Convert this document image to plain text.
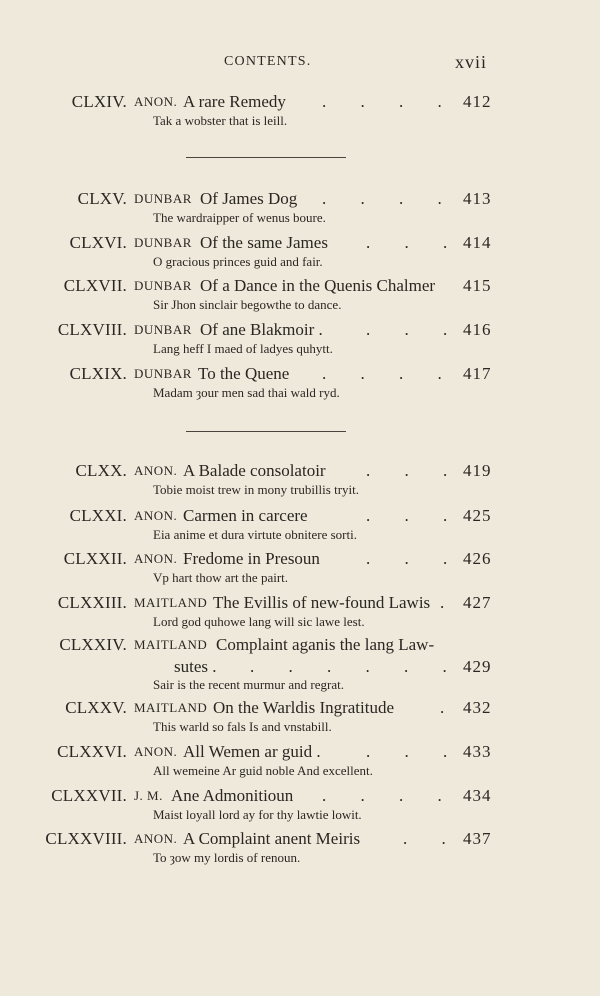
CONTENTS.	xvii
CLXIV. ANON. A rare Remedy . . . . 412
Tak a wobster that is leill.
CLXV. DUNBAR Of James Dog . . . . 413
The wardraipper of wenus boure.
CLXVI. DUNBAR Of the same James . . . 414
O gracious princes guid and fair.
CLXVII. DUNBAR Of a Dance in the Quenis Chalmer 415
Sir Jhon sinclair begowthe to dance.
CLXVIII. DUNBAR Of ane Blakmoir .	. . . 416
Lang heff I maed of ladyes quhytt.
CLXIX. DUNBAR To the Quene . . . . 417
Madam ȝour men sad thai wald ryd.
CLXX. ANON. A Balade consolatoir . . . 419
Tobie moist trew in mony trubillis tryit.
CLXXI. ANON. Carmen in carcere	. . . 425
Eia anime et dura virtute obnitere sorti.
CLXXII. ANON. Fredome in Presoun	. . . 426
Vp hart thow art the pairt.
CLXXIII. MAITLAND The Evillis of new-found Lawis . 427
Lord god quhowe lang will sic lawe lest.
CLXXIV. MAITLAND Complaint aganis the lang Law-
sutes . . . . . . . 429
Sair is the recent murmur and regrat.
CLXXV. MAITLAND On the Warldis Ingratitude	. 432
This warld so fals Is and vnstabill.
CLXXVI. ANON. All Wemen ar guid .	. . . 433
All wemeine Ar guid noble And excellent.
CLXXVII. J. M. Ane Admonitioun . . . . 434
Maist loyall lord ay for thy lawtie lowit.
CLXXVIII. ANON. A Complaint anent Meiris	. . 437
To ȝow my lordis of renoun.
